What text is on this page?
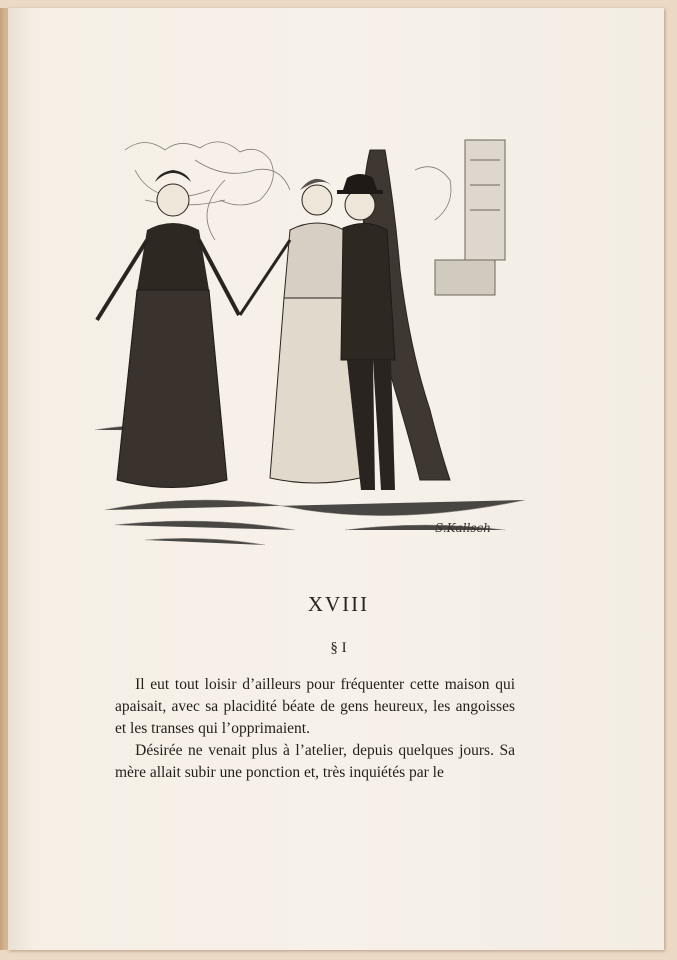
S.Kallsch
XVIII
§ I

Il eut tout loisir d’ailleurs pour fréquenter cette maison qui apaisait, avec sa placidité béate de gens heureux, les angoisses et les transes qui l’opprimaient.

Désirée ne venait plus à l’atelier, depuis quelques jours. Sa mère allait subir une ponction et, très inquiétés par le
